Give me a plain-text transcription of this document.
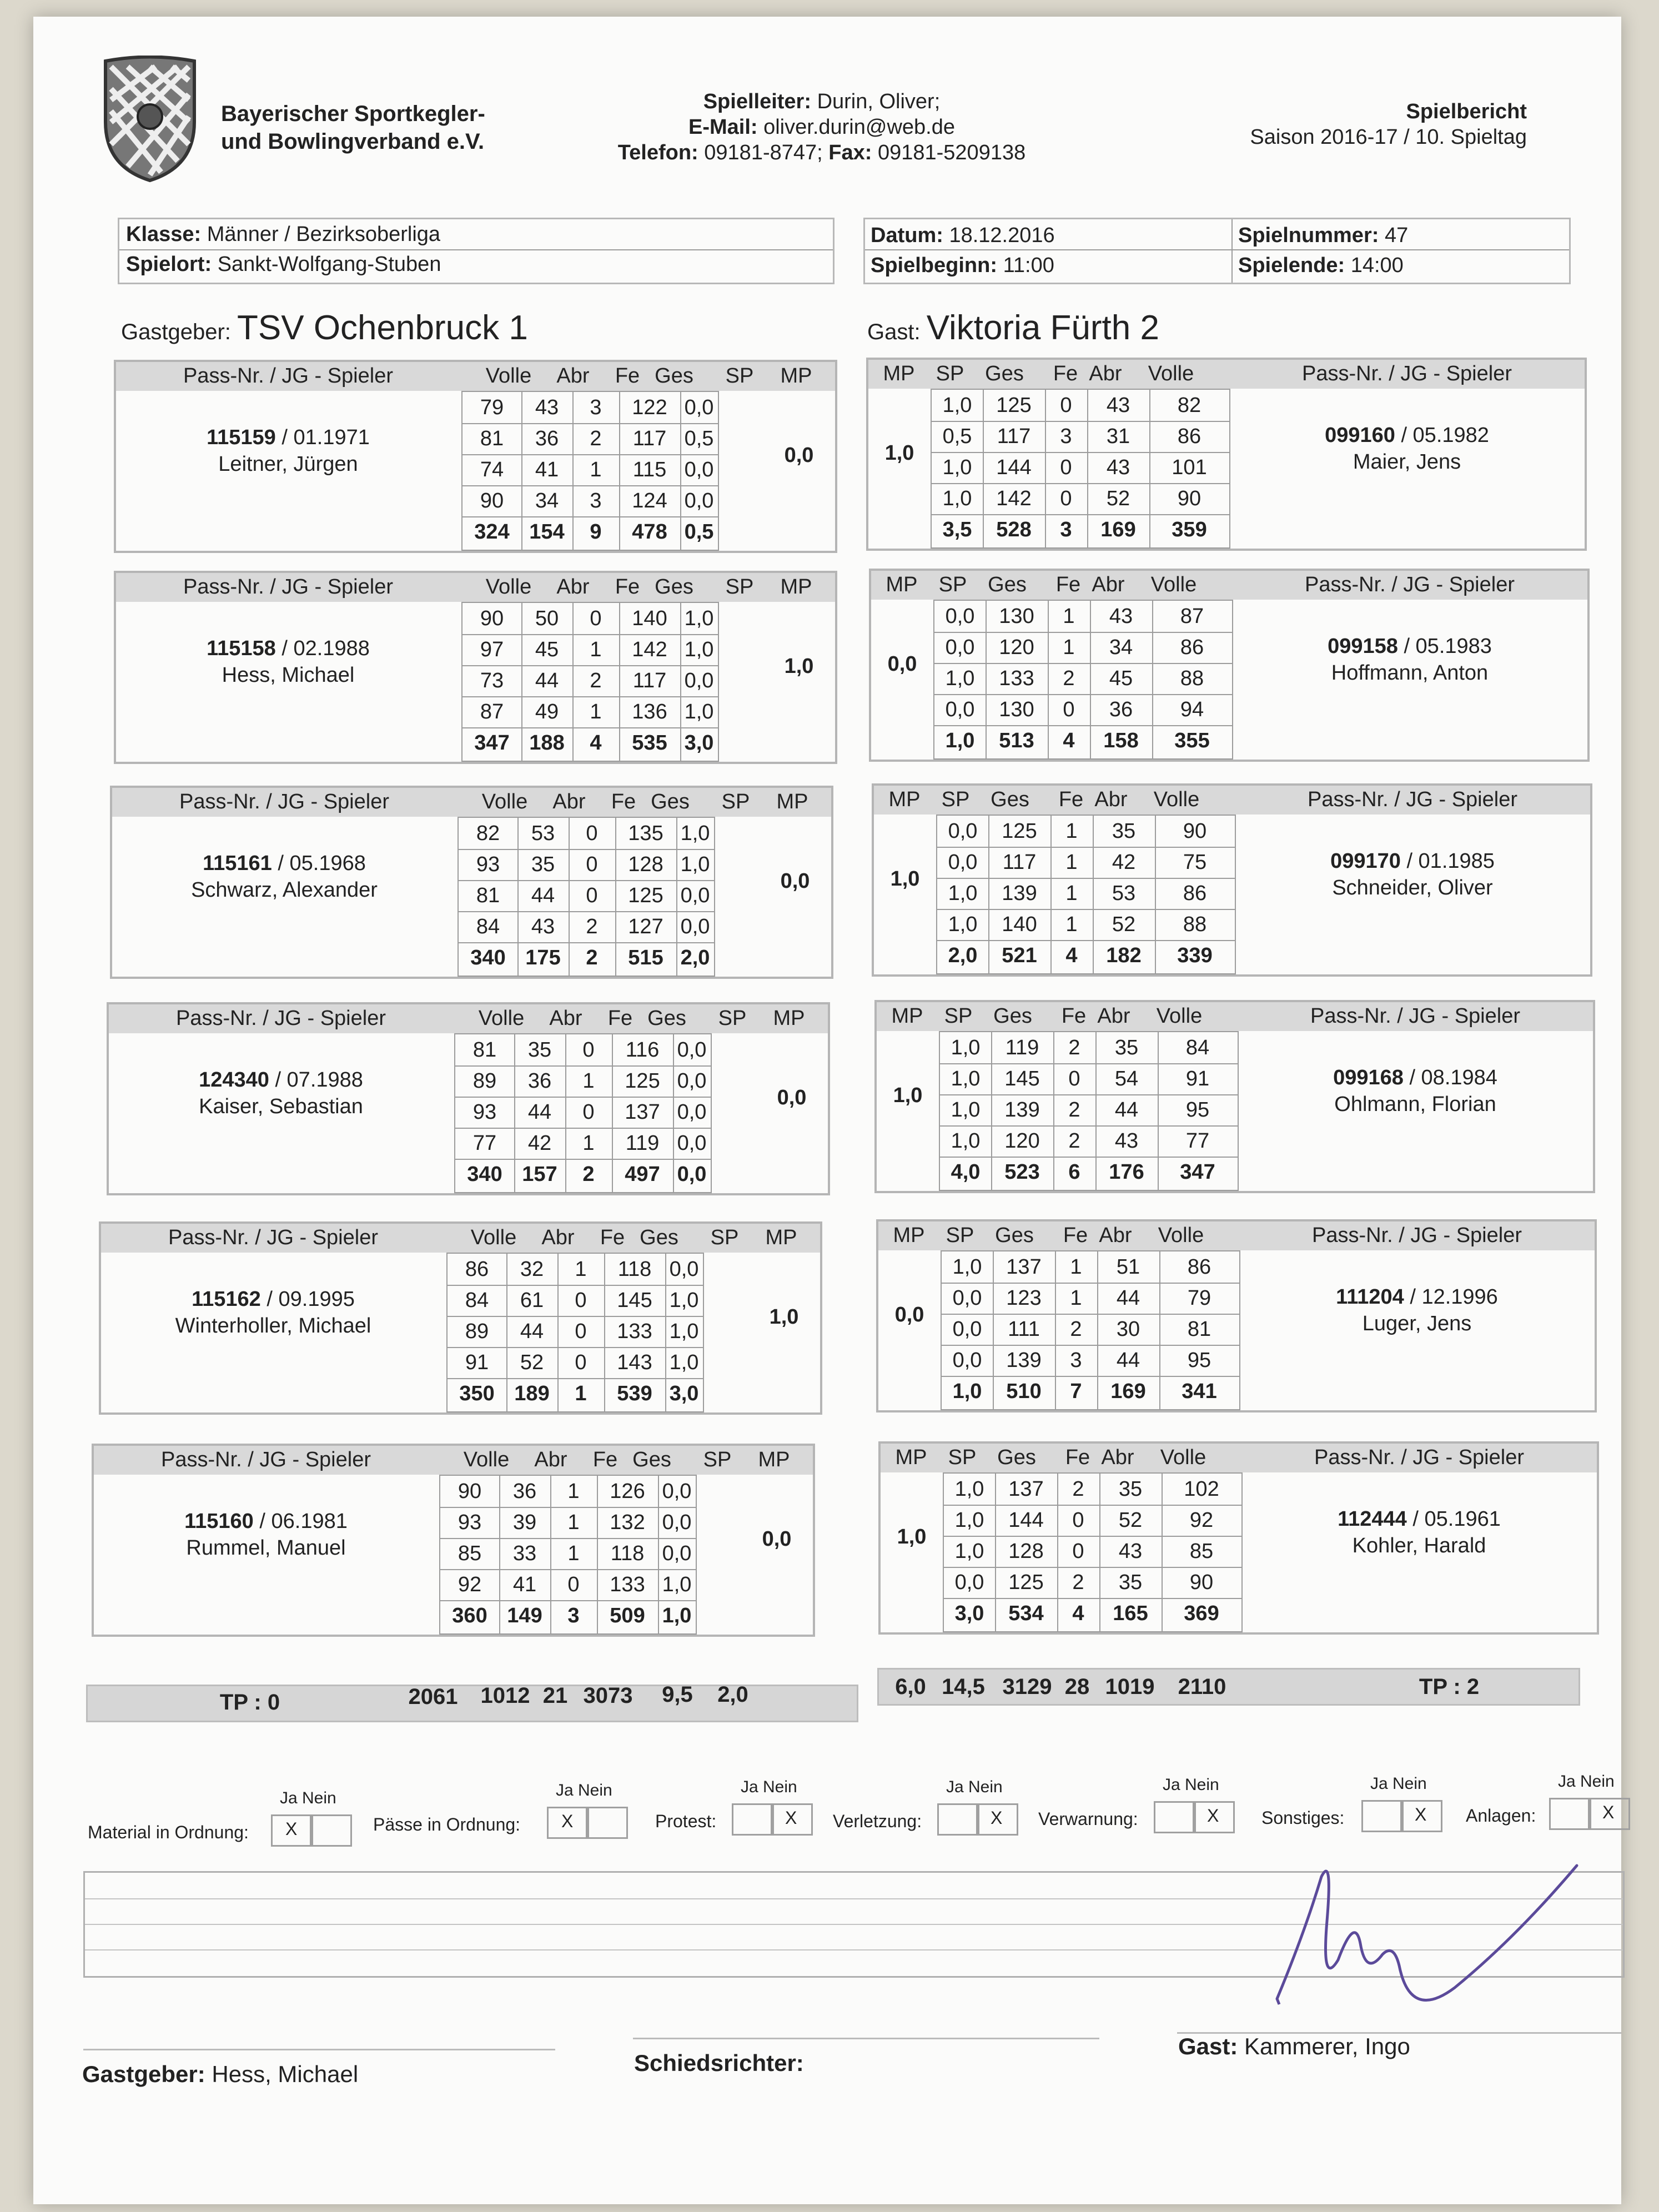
Bayerischer Sportkegler-
und Bowlingverband e.V.
Spielleiter: Durin, Oliver;
E-Mail: oliver.durin@web.de
Telefon: 09181-8747; Fax: 09181-5209138
Spielbericht
Saison 2016-17 / 10. Spieltag
Klasse: Männer / Bezirksoberliga
Spielort: Sankt-Wolfgang-Stuben
Datum: 18.12.2016
Spielbeginn: 11:00
Spielnummer: 47
Spielende: 14:00
Gastgeber: TSV Ochenbruck 1	Gast: Viktoria Fürth 2
Pass-Nr. / JG - Spieler	Volle	Abr	Fe Ges	SP	MP
79	43	3	122 0,0
81	36	2	117 0,5
74	41	1	115 0,0
90	34	3	124 0,0
324 154	9	478 0,5
0,0
115159 / 01.1971
Leitner, Jürgen
MP	SP Ges	Fe Abr	Volle	Pass-Nr. / JG - Spieler
1,0	125	0	43	82
0,5	117	3	31	86
1,0	144	0	43	101
1,0	142	0	52	90
3,5	528	3	169	359
1,0
099160 / 05.1982
Maier, Jens
Pass-Nr. / JG - Spieler	Volle	Abr	Fe Ges	SP	MP
90	50	0	140 1,0
97	45	1	142 1,0
73	44	2	117 0,0
87	49	1	136 1,0
347 188	4	535 3,0
1,0
115158 / 02.1988
Hess, Michael
MP	SP Ges	Fe Abr	Volle	Pass-Nr. / JG - Spieler
0,0	130	1	43	87
0,0	120	1	34	86
1,0	133	2	45	88
0,0	130	0	36	94
1,0	513	4	158	355
0,0
099158 / 05.1983
Hoffmann, Anton
Pass-Nr. / JG - Spieler	Volle	Abr	Fe Ges	SP	MP
82	53	0	135 1,0
93	35	0	128 1,0
81	44	0	125 0,0
84	43	2	127 0,0
340 175	2	515 2,0
0,0
115161 / 05.1968
Schwarz, Alexander
MP	SP Ges	Fe Abr	Volle	Pass-Nr. / JG - Spieler
0,0	125	1	35	90
0,0	117	1	42	75
1,0	139	1	53	86
1,0	140	1	52	88
2,0	521	4	182	339
1,0
099170 / 01.1985
Schneider, Oliver
Pass-Nr. / JG - Spieler	Volle	Abr	Fe Ges	SP	MP
81	35	0	116 0,0
89	36	1	125 0,0
93	44	0	137 0,0
77	42	1	119 0,0
340 157	2	497 0,0
0,0
124340 / 07.1988
Kaiser, Sebastian
MP	SP Ges	Fe Abr	Volle	Pass-Nr. / JG - Spieler
1,0	119	2	35	84
1,0	145	0	54	91
1,0	139	2	44	95
1,0	120	2	43	77
4,0	523	6	176	347
1,0
099168 / 08.1984
Ohlmann, Florian
Pass-Nr. / JG - Spieler	Volle	Abr	Fe Ges	SP	MP
86	32	1	118 0,0
84	61	0	145 1,0
89	44	0	133 1,0
91	52	0	143 1,0
350 189	1	539 3,0
1,0
115162 / 09.1995
Winterholler, Michael
MP	SP Ges	Fe Abr	Volle	Pass-Nr. / JG - Spieler
1,0	137	1	51	86
0,0	123	1	44	79
0,0	111	2	30	81
0,0	139	3	44	95
1,0	510	7	169	341
0,0
111204 / 12.1996
Luger, Jens
Pass-Nr. / JG - Spieler	Volle	Abr	Fe Ges	SP	MP
90	36	1	126 0,0
93	39	1	132 0,0
85	33	1	118 0,0
92	41	0	133 1,0
360 149	3	509 1,0
0,0
115160 / 06.1981
Rummel, Manuel
MP	SP Ges	Fe Abr	Volle	Pass-Nr. / JG - Spieler
1,0	137	2	35	102
1,0	144	0	52	92
1,0	128	0	43	85
0,0	125	2	35	90
3,0	534	4	165	369
1,0
112444 / 05.1961
Kohler, Harald
TP : 0	2061	1012 21 3073	9,5	2,0	6,0 14,5 3129 28 1019	2110	TP : 2
Material in Ordnung:
Ja Nein
X	Pässe in Ordnung:
Ja Nein
X	Protest:
Ja Nein
X Verletzung:
Ja Nein
X Verwarnung:
Ja Nein
X Sonstiges:
Ja Nein
X Anlagen:
Ja Nein
X
Gastgeber: Hess, Michael	Schiedsrichter:
Gast: Kammerer, Ingo
